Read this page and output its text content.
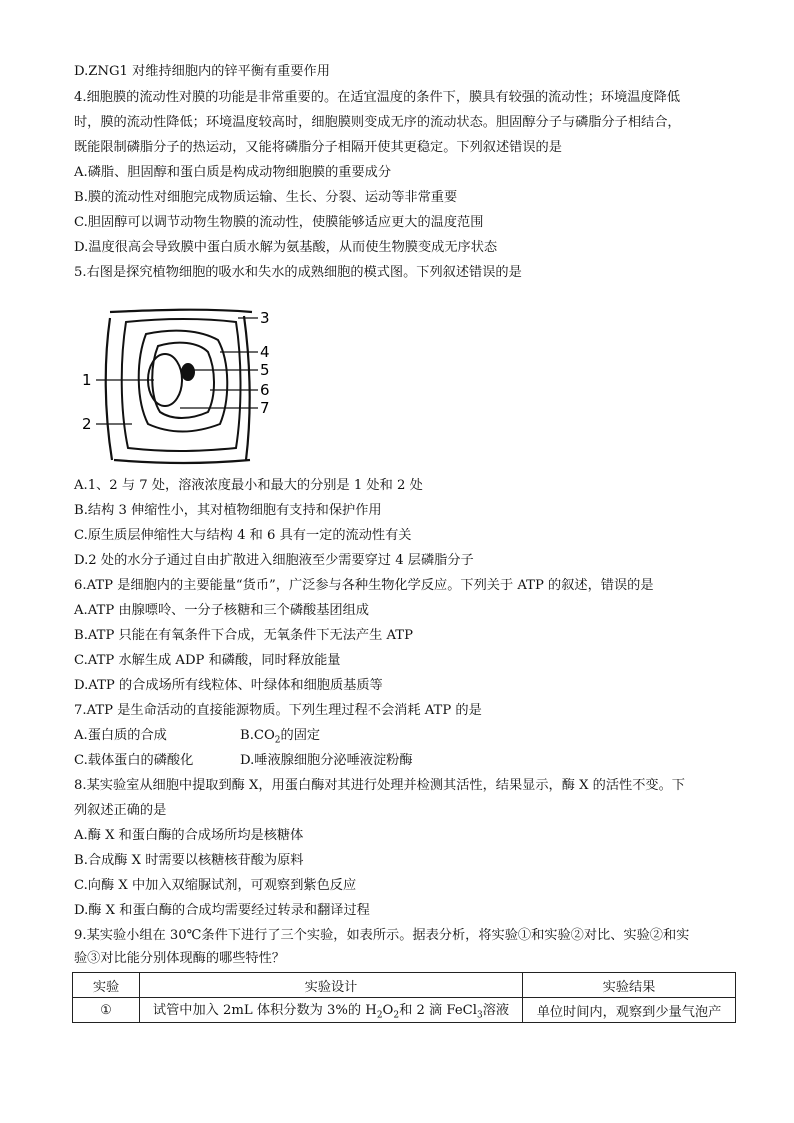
D.ZNG1 对维持细胞内的锌平衡有重要作用
4.细胞膜的流动性对膜的功能是非常重要的。在适宜温度的条件下，膜具有较强的流动性；环境温度降低
时，膜的流动性降低；环境温度较高时，细胞膜则变成无序的流动状态。胆固醇分子与磷脂分子相结合，
既能限制磷脂分子的热运动，又能将磷脂分子相隔开使其更稳定。下列叙述错误的是
A.磷脂、胆固醇和蛋白质是构成动物细胞膜的重要成分
B.膜的流动性对细胞完成物质运输、生长、分裂、运动等非常重要
C.胆固醇可以调节动物生物膜的流动性，使膜能够适应更大的温度范围
D.温度很高会导致膜中蛋白质水解为氨基酸，从而使生物膜变成无序状态
5.右图是探究植物细胞的吸水和失水的成熟细胞的模式图。下列叙述错误的是
1
2
3
4
5
6
7
A.1、2 与 7 处，溶液浓度最小和最大的分别是 1 处和 2 处
B.结构 3 伸缩性小，其对植物细胞有支持和保护作用
C.原生质层伸缩性大与结构 4 和 6 具有一定的流动性有关
D.2 处的水分子通过自由扩散进入细胞液至少需要穿过 4 层磷脂分子
6.ATP 是细胞内的主要能量“货币”，广泛参与各种生物化学反应。下列关于 ATP 的叙述，错误的是
A.ATP 由腺嘌呤、一分子核糖和三个磷酸基团组成
B.ATP 只能在有氧条件下合成，无氧条件下无法产生 ATP
C.ATP 水解生成 ADP 和磷酸，同时释放能量
D.ATP 的合成场所有线粒体、叶绿体和细胞质基质等
7.ATP 是生命活动的直接能源物质。下列生理过程不会消耗 ATP 的是
A.蛋白质的合成	$B.CO_2$的固定
C.载体蛋白的磷酸化	D.唾液腺细胞分泌唾液淀粉酶
8.某实验室从细胞中提取到酶 X，用蛋白酶对其进行处理并检测其活性，结果显示，酶 X 的活性不变。下
列叙述正确的是
A.酶 X 和蛋白酶的合成场所均是核糖体
B.合成酶 X 时需要以核糖核苷酸为原料
C.向酶 X 中加入双缩脲试剂，可观察到紫色反应
D.酶 X 和蛋白酶的合成均需要经过转录和翻译过程
9.某实验小组在 30℃条件下进行了三个实验，如表所示。据表分析，将实验①和实验②对比、实验②和实
验③对比能分别体现酶的哪些特性？
实验	实验设计	实验结果
①	试管中加入 2mL 体积分数为 3%的 $H_2O_2$和 2 滴 FeCl$_3$溶液	单位时间内，观察到少量气泡产
